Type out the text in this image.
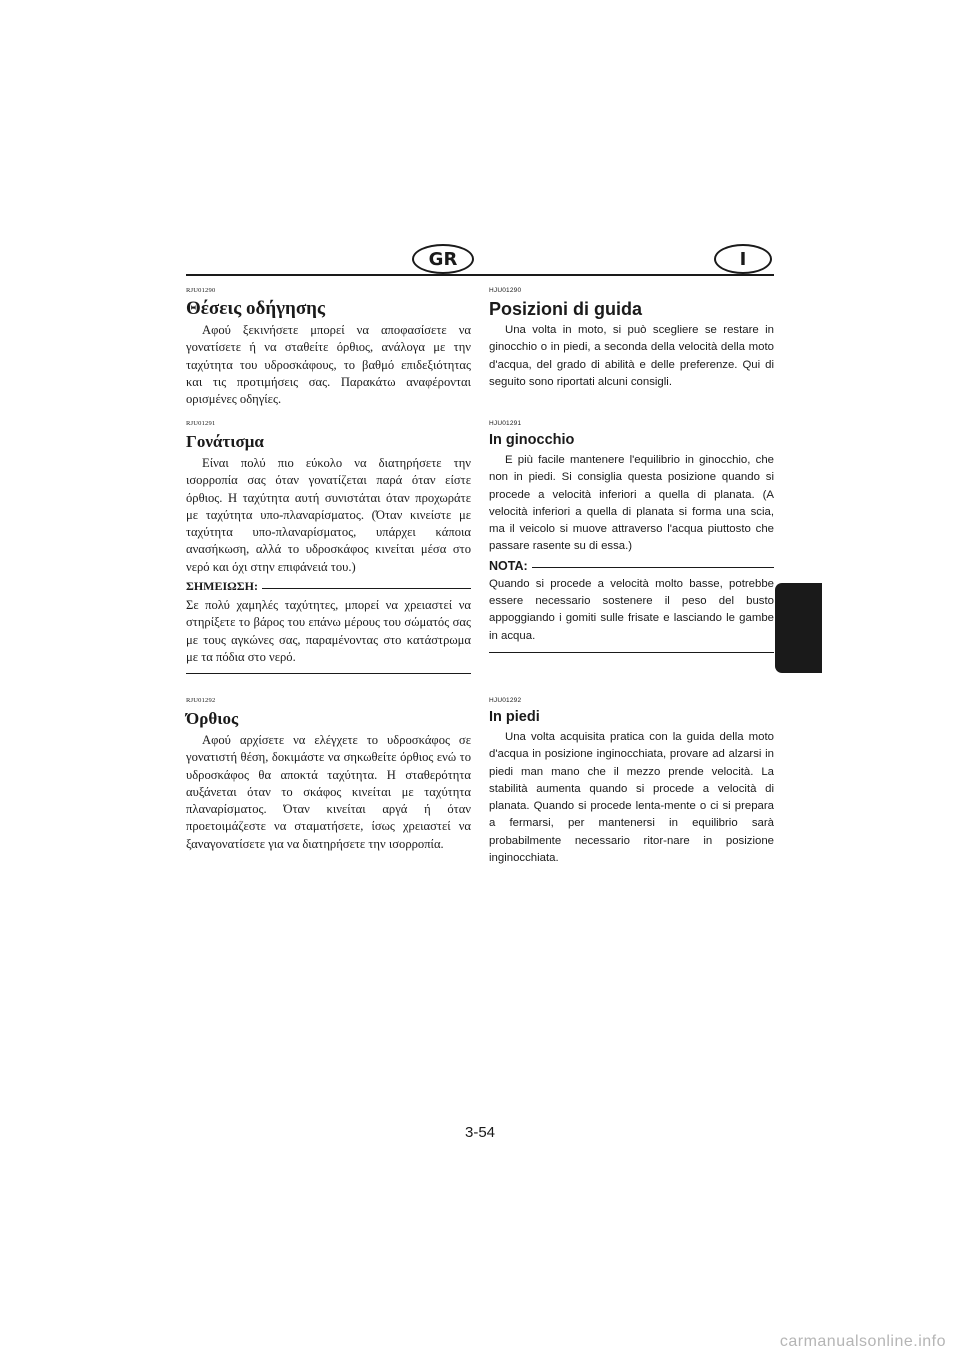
GR	I
RJU01290
Θέσεις οδήγησης

Αφού ξεκινήσετε μπορεί να αποφασίσετε να γονατίσετε ή να σταθείτε όρθιος, ανάλογα με την ταχύτητα του υδροσκάφους, το βαθμό επιδεξιότητας και τις προτιμήσεις σας. Παρακάτω αναφέρονται ορισμένες οδηγίες.

RJU01291
Γονάτισμα

Είναι πολύ πιο εύκολο να διατηρήσετε την ισορροπία σας όταν γονατίζεται παρά όταν είστε όρθιος. Η ταχύτητα αυτή συνιστάται όταν προχωράτε με ταχύτητα υπο-πλαναρίσματος. (Όταν κινείστε με ταχύτητα υπο-πλαναρίσματος, υπάρχει κάποια ανασήκωση, αλλά το υδροσκάφος κινείται μέσα στο νερό και όχι στην επιφάνειά του.)

ΣΗΜΕΙΩΣΗ:

Σε πολύ χαμηλές ταχύτητες, μπορεί να χρειαστεί να στηρίξετε το βάρος του επάνω μέρους του σώματός σας με τους αγκώνες σας, παραμένοντας στο κατάστρωμα με τα πόδια στο νερό.

RJU01292
Όρθιος

Αφού αρχίσετε να ελέγχετε το υδροσκάφος σε γονατιστή θέση, δοκιμάστε να σηκωθείτε όρθιος ενώ το υδροσκάφος θα αποκτά ταχύτητα. Η σταθερότητα αυξάνεται όταν το σκάφος κινείται με ταχύτητα πλαναρίσματος. Όταν κινείται αργά ή όταν προετοιμάζεστε να σταματήσετε, ίσως χρειαστεί να ξαναγονατίσετε για να διατηρήσετε την ισορροπία.

HJU01290
Posizioni di guida

Una volta in moto, si può scegliere se restare in ginocchio o in piedi, a seconda della velocità della moto d'acqua, del grado di abilità e delle preferenze. Qui di seguito sono riportati alcuni consigli.

HJU01291
In ginocchio

E più facile mantenere l'equilibrio in ginocchio, che non in piedi. Si consiglia questa posizione quando si procede a velocità inferiori a quella di planata. (A velocità inferiori a quella di planata si forma una scia, ma il veicolo si muove attraverso l'acqua piuttosto che passare rasente su di essa.)

NOTA:

Quando si procede a velocità molto basse, potrebbe essere necessario sostenere il peso del busto appoggiando i gomiti sulle frisate e lasciando le gambe in acqua.

HJU01292
In piedi

Una volta acquisita pratica con la guida della moto d'acqua in posizione inginocchiata, provare ad alzarsi in piedi man mano che il mezzo prende velocità. La stabilità aumenta quando si procede a velocità di planata. Quando si procede lenta-mente o ci si prepara a fermarsi, per mantenersi in equilibrio sarà probabilmente necessario ritor-nare in posizione inginocchiata.

3-54
carmanualsonline.info
